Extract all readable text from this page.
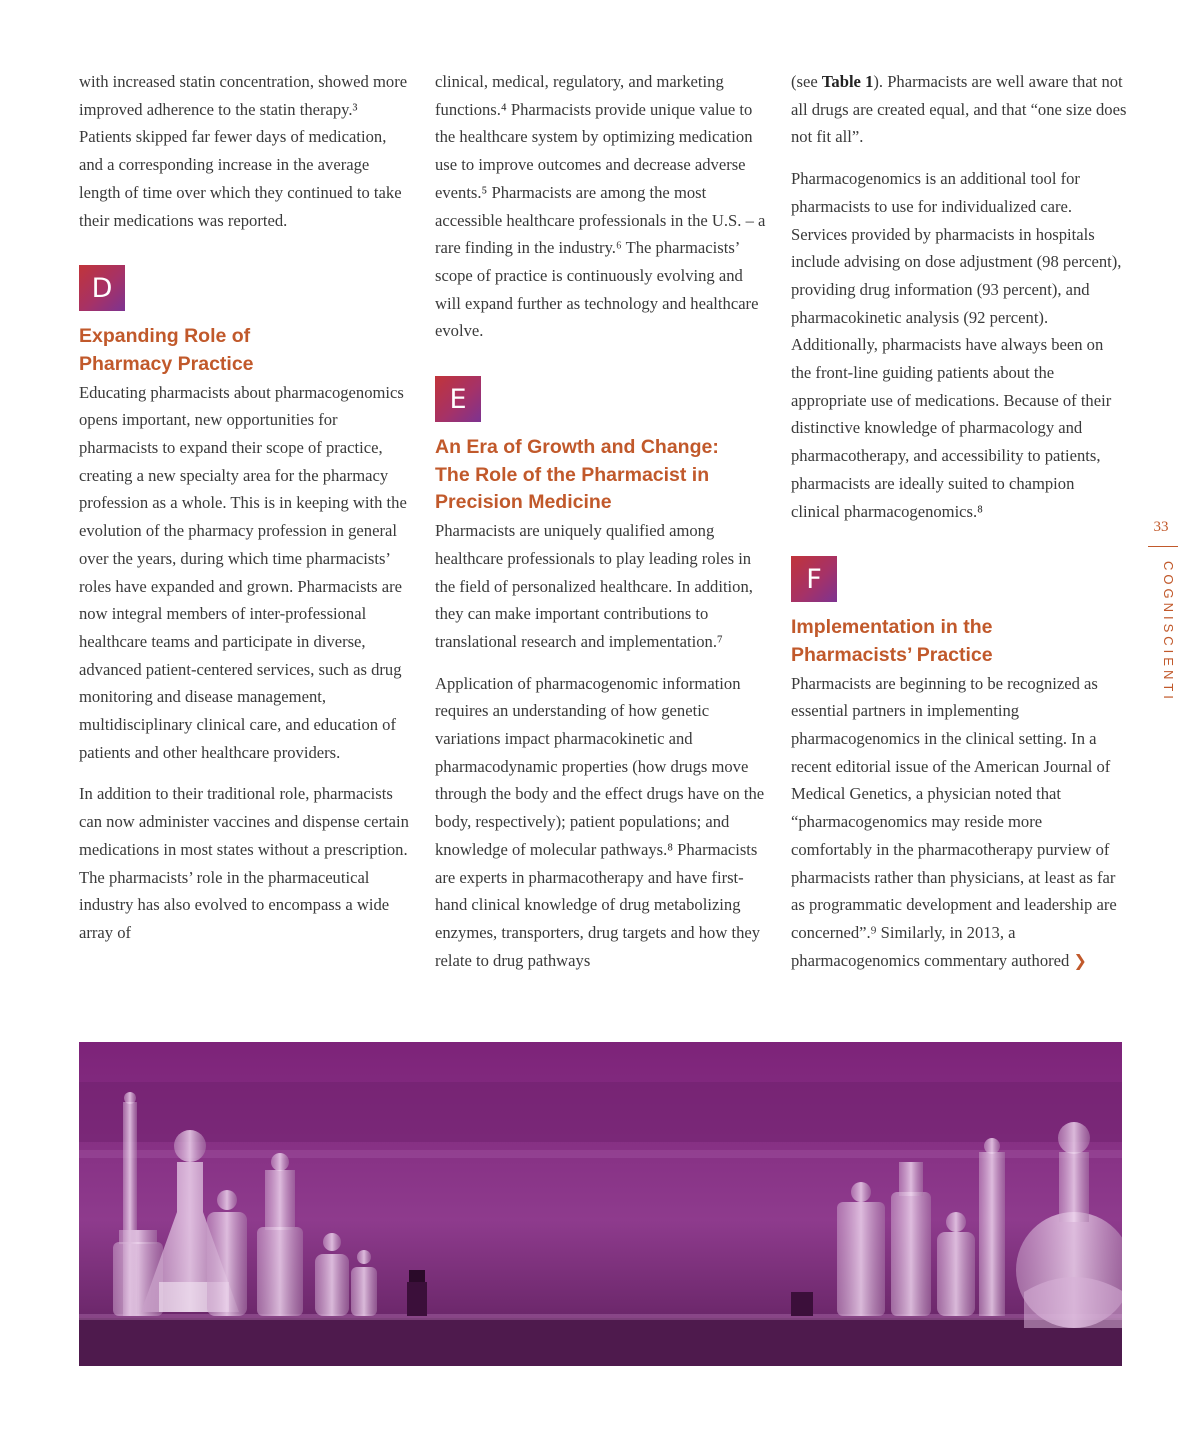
with increased statin concentration, showed more improved adherence to the statin therapy.³ Patients skipped far fewer days of medication, and a corresponding increase in the average length of time over which they continued to take their medications was reported.

D

Expanding Role of

Pharmacy Practice

Educating pharmacists about pharmacogenomics opens important, new opportunities for pharmacists to expand their scope of practice, creating a new specialty area for the pharmacy profession as a whole. This is in keeping with the evolution of the pharmacy profession in general over the years, during which time pharmacists’ roles have expanded and grown. Pharmacists are now integral members of inter-professional healthcare teams and participate in diverse, advanced patient-centered services, such as drug monitoring and disease management, multidisciplinary clinical care, and education of patients and other healthcare providers.

In addition to their traditional role, pharmacists can now administer vaccines and dispense certain medications in most states without a prescription. The pharmacists’ role in the pharmaceutical industry has also evolved to encompass a wide array of

clinical, medical, regulatory, and marketing functions.⁴ Pharmacists provide unique value to the healthcare system by optimizing medication use to improve outcomes and decrease adverse events.⁵ Pharmacists are among the most accessible healthcare professionals in the U.S. – a rare finding in the industry.⁶ The pharmacists’ scope of practice is continuously evolving and will expand further as technology and healthcare evolve.

E

An Era of Growth and Change:

The Role of the Pharmacist in

Precision Medicine

Pharmacists are uniquely qualified among healthcare professionals to play leading roles in the field of personalized healthcare. In addition, they can make important contributions to translational research and implementation.⁷

Application of pharmacogenomic information requires an understanding of how genetic variations impact pharmacokinetic and pharmacodynamic properties (how drugs move through the body and the effect drugs have on the body, respectively); patient populations; and knowledge of molecular pathways.⁸ Pharmacists are experts in pharmacotherapy and have first-hand clinical knowledge of drug metabolizing enzymes, transporters, drug targets and how they relate to drug pathways

(see Table 1). Pharmacists are well aware that not all drugs are created equal, and that “one size does not fit all”.

Pharmacogenomics is an additional tool for pharmacists to use for individualized care. Services provided by pharmacists in hospitals include advising on dose adjustment (98 percent), providing drug information (93 percent), and pharmacokinetic analysis (92 percent). Additionally, pharmacists have always been on the front-line guiding patients about the appropriate use of medications. Because of their distinctive knowledge of pharmacology and pharmacotherapy, and accessibility to patients, pharmacists are ideally suited to champion clinical pharmacogenomics.⁸

F

Implementation in the

Pharmacists’ Practice

Pharmacists are beginning to be recognized as essential partners in implementing pharmacogenomics in the clinical setting. In a recent editorial issue of the American Journal of Medical Genetics, a physician noted that “pharmacogenomics may reside more comfortably in the pharmacotherapy purview of pharmacists rather than physicians, at least as far as programmatic development and leadership are concerned”.⁹ Similarly, in 2013, a pharmacogenomics commentary authored ❯

33
COGNISCIENTI
